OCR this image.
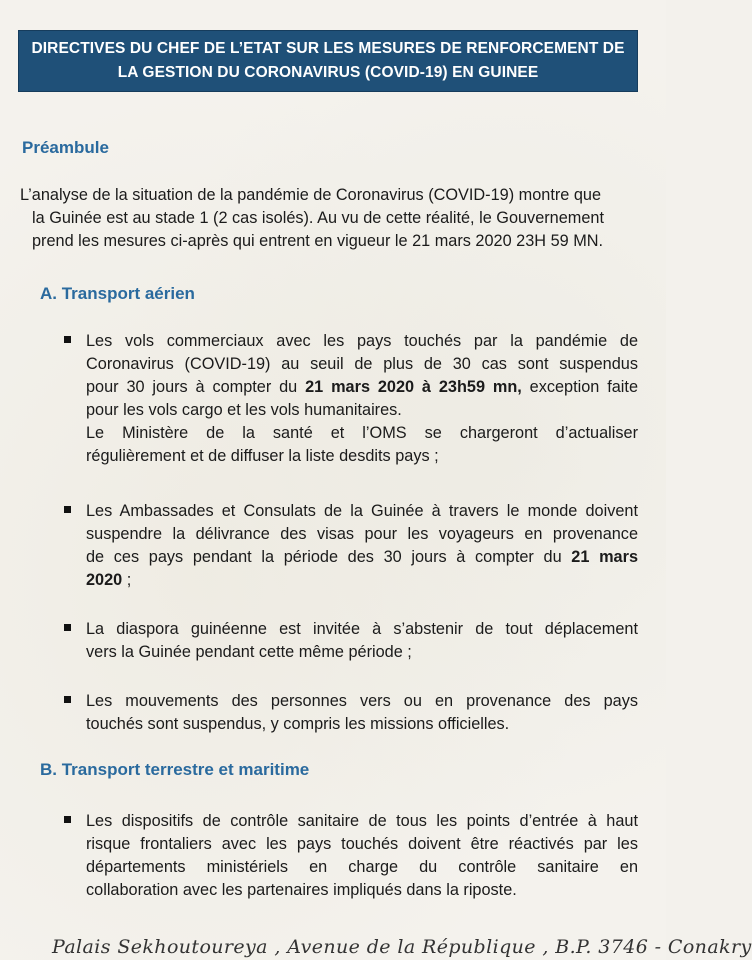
DIRECTIVES DU CHEF DE L’ETAT SUR LES MESURES DE RENFORCEMENT DE
LA GESTION DU CORONAVIRUS (COVID-19) EN GUINEE
Préambule
L’analyse de la situation de la pandémie de Coronavirus (COVID-19) montre que
la Guinée est au stade 1 (2 cas isolés). Au vu de cette réalité, le Gouvernement
prend les mesures ci-après qui entrent en vigueur le 21 mars 2020 23H 59 MN.
A. Transport aérien
Les vols commerciaux avec les pays touchés par la pandémie de
Coronavirus (COVID-19) au seuil de plus de 30 cas sont suspendus
pour 30 jours à compter du 21 mars 2020 à 23h59 mn, exception faite
pour les vols cargo et les vols humanitaires.
Le Ministère de la santé et l’OMS se chargeront d’actualiser
régulièrement et de diffuser la liste desdits pays ;
Les Ambassades et Consulats de la Guinée à travers le monde doivent
suspendre la délivrance des visas pour les voyageurs en provenance
de ces pays pendant la période des 30 jours à compter du 21 mars
2020 ;
La diaspora guinéenne est invitée à s’abstenir de tout déplacement
vers la Guinée pendant cette même période ;
Les mouvements des personnes vers ou en provenance des pays
touchés sont suspendus, y compris les missions officielles.
B. Transport terrestre et maritime
Les dispositifs de contrôle sanitaire de tous les points d’entrée à haut
risque frontaliers avec les pays touchés doivent être réactivés par les
départements ministériels en charge du contrôle sanitaire en
collaboration avec les partenaires impliqués dans la riposte.
Palais Sekhoutoureya , Avenue de la République , B.P. 3746 - Conakry
